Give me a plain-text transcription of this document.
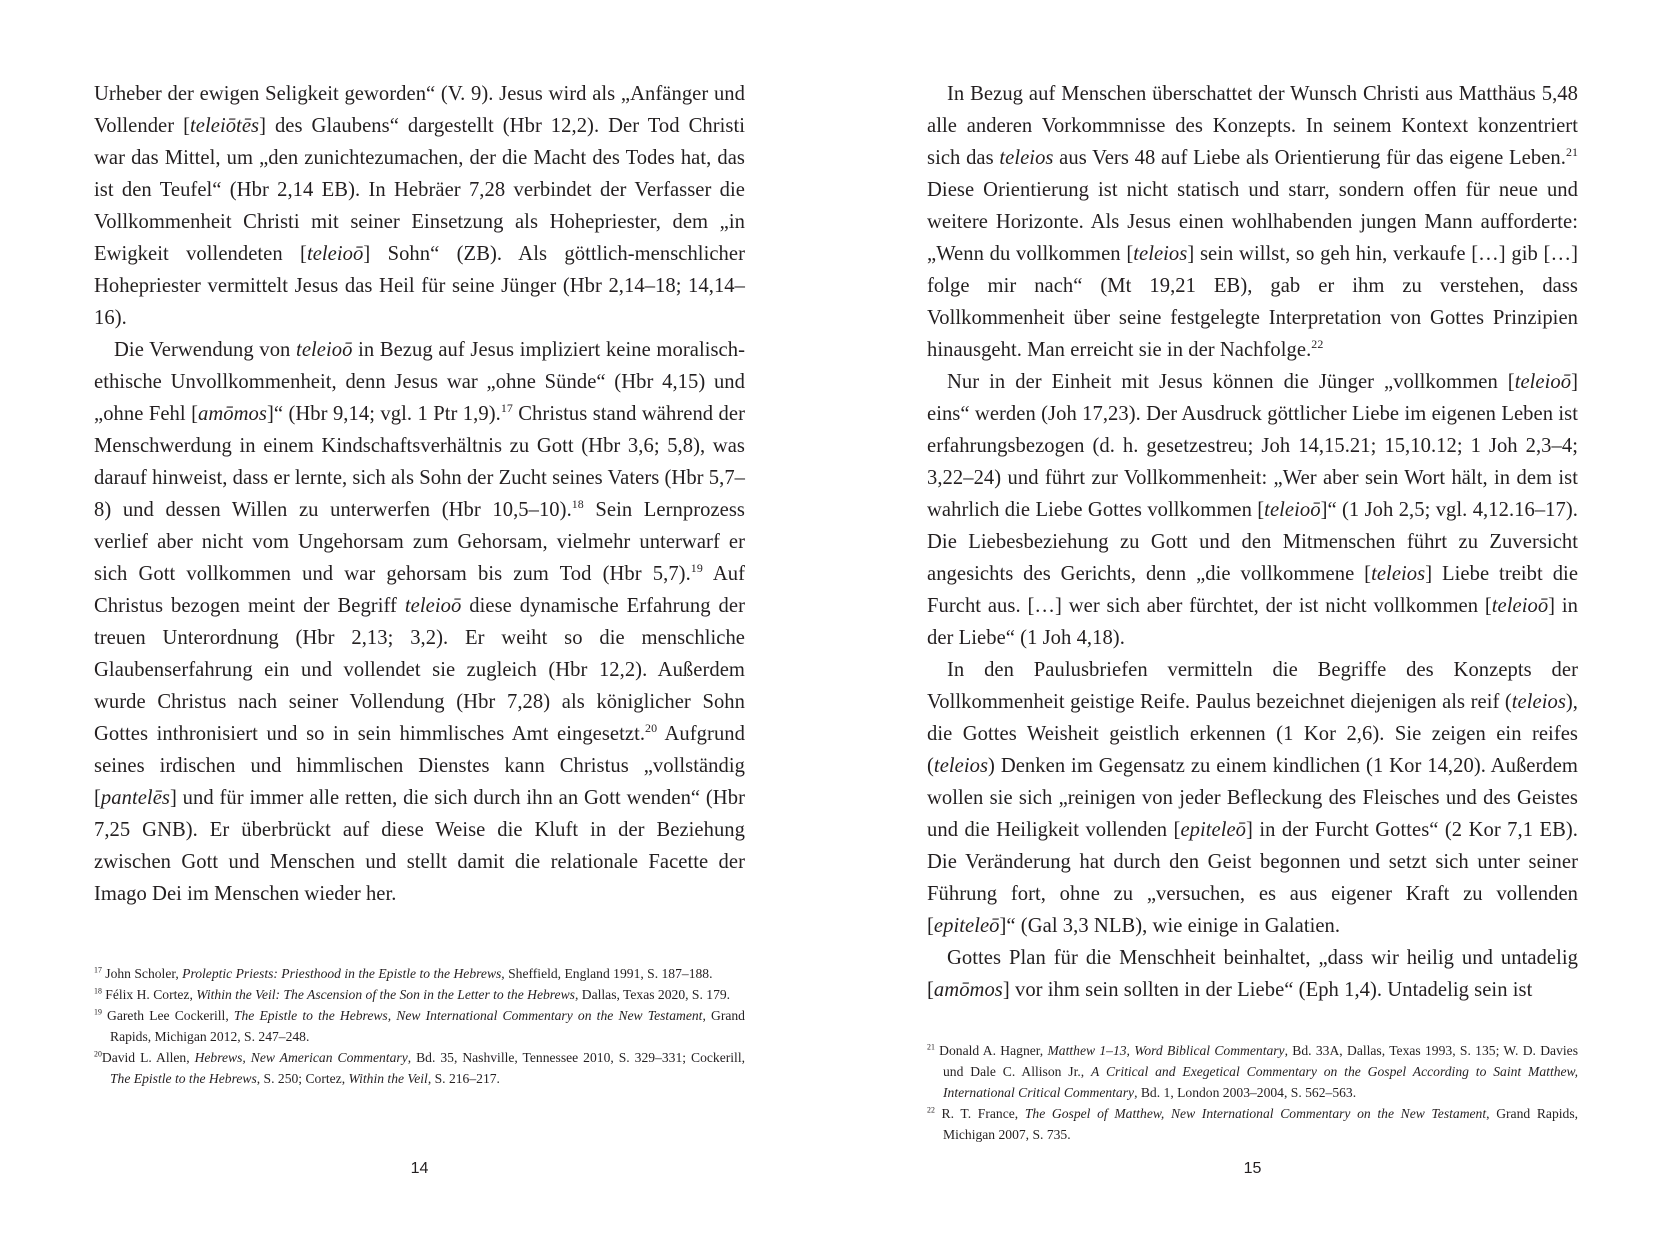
Urheber der ewigen Seligkeit geworden“ (V. 9). Jesus wird als „Anfänger und Vollender [teleiōtēs] des Glaubens“ dargestellt (Hbr 12,2). Der Tod Christi war das Mittel, um „den zunichtezumachen, der die Macht des Todes hat, das ist den Teufel“ (Hbr 2,14 EB). In Hebräer 7,28 verbindet der Verfasser die Vollkommenheit Christi mit seiner Einsetzung als Hohepriester, dem „in Ewigkeit vollendeten [teleioō] Sohn“ (ZB). Als göttlich-menschlicher Hohepriester vermittelt Jesus das Heil für seine Jünger (Hbr 2,14–18; 14,14–16).

Die Verwendung von teleioō in Bezug auf Jesus impliziert keine moralisch-ethische Unvollkommenheit, denn Jesus war „ohne Sünde“ (Hbr 4,15) und „ohne Fehl [amōmos]“ (Hbr 9,14; vgl. 1 Ptr 1,9).$^{17}$ Christus stand während der Menschwerdung in einem Kindschaftsverhältnis zu Gott (Hbr 3,6; 5,8), was darauf hinweist, dass er lernte, sich als Sohn der Zucht seines Vaters (Hbr 5,7–8) und dessen Willen zu unterwerfen (Hbr 10,5–10).$^{18}$ Sein Lernprozess verlief aber nicht vom Ungehorsam zum Gehorsam, vielmehr unterwarf er sich Gott vollkommen und war gehorsam bis zum Tod (Hbr 5,7).$^{19}$ Auf Christus bezogen meint der Begriff teleioō diese dynamische Erfahrung der treuen Unterordnung (Hbr 2,13; 3,2). Er weiht so die menschliche Glaubenserfahrung ein und vollendet sie zugleich (Hbr 12,2). Außerdem wurde Christus nach seiner Vollendung (Hbr 7,28) als königlicher Sohn Gottes inthronisiert und so in sein himmlisches Amt eingesetzt.$^{20}$ Aufgrund seines irdischen und himmlischen Dienstes kann Christus „vollständig [pantelēs] und für immer alle retten, die sich durch ihn an Gott wenden“ (Hbr 7,25 GNB). Er überbrückt auf diese Weise die Kluft in der Beziehung zwischen Gott und Menschen und stellt damit die relationale Facette der Imago Dei im Menschen wieder her.

$^{17}$ John Scholer, Proleptic Priests: Priesthood in the Epistle to the Hebrews, Sheffield, England 1991, S. 187–188.

$^{18}$ Félix H. Cortez, Within the Veil: The Ascension of the Son in the Letter to the Hebrews, Dallas, Texas 2020, S. 179.

$^{19}$ Gareth Lee Cockerill, The Epistle to the Hebrews, New International Commentary on the New Testament, Grand Rapids, Michigan 2012, S. 247–248.

$^{20}$David L. Allen, Hebrews, New American Commentary, Bd. 35, Nashville, Tennessee 2010, S. 329–331; Cockerill, The Epistle to the Hebrews, S. 250; Cortez, Within the Veil, S. 216–217.

14

In Bezug auf Menschen überschattet der Wunsch Christi aus Matthäus 5,48 alle anderen Vorkommnisse des Konzepts. In seinem Kontext konzentriert sich das teleios aus Vers 48 auf Liebe als Orientierung für das eigene Leben.$^{21}$ Diese Orientierung ist nicht statisch und starr, sondern offen für neue und weitere Horizonte. Als Jesus einen wohlhabenden jungen Mann aufforderte: „Wenn du vollkommen [teleios] sein willst, so geh hin, verkaufe […] gib […] folge mir nach“ (Mt 19,21 EB), gab er ihm zu verstehen, dass Vollkommenheit über seine festgelegte Interpretation von Gottes Prinzipien hinausgeht. Man erreicht sie in der Nachfolge.$^{22}$

Nur in der Einheit mit Jesus können die Jünger „vollkommen [teleioō] eins“ werden (Joh 17,23). Der Ausdruck göttlicher Liebe im eigenen Leben ist erfahrungsbezogen (d. h. gesetzestreu; Joh 14,15.21; 15,10.12; 1 Joh 2,3–4; 3,22–24) und führt zur Vollkommenheit: „Wer aber sein Wort hält, in dem ist wahrlich die Liebe Gottes vollkommen [teleioō]“ (1 Joh 2,5; vgl. 4,12.16–17). Die Liebesbeziehung zu Gott und den Mitmenschen führt zu Zuversicht angesichts des Gerichts, denn „die vollkommene [teleios] Liebe treibt die Furcht aus. […] wer sich aber fürchtet, der ist nicht vollkommen [teleioō] in der Liebe“ (1 Joh 4,18).

In den Paulusbriefen vermitteln die Begriffe des Konzepts der Vollkommenheit geistige Reife. Paulus bezeichnet diejenigen als reif (teleios), die Gottes Weisheit geistlich erkennen (1 Kor 2,6). Sie zeigen ein reifes (teleios) Denken im Gegensatz zu einem kindlichen (1 Kor 14,20). Außerdem wollen sie sich „reinigen von jeder Befleckung des Fleisches und des Geistes und die Heiligkeit vollenden [epiteleō] in der Furcht Gottes“ (2 Kor 7,1 EB). Die Veränderung hat durch den Geist begonnen und setzt sich unter seiner Führung fort, ohne zu „versuchen, es aus eigener Kraft zu vollenden [epiteleō]“ (Gal 3,3 NLB), wie einige in Galatien.

Gottes Plan für die Menschheit beinhaltet, „dass wir heilig und untadelig [amōmos] vor ihm sein sollten in der Liebe“ (Eph 1,4). Untadelig sein ist

$^{21}$ Donald A. Hagner, Matthew 1–13, Word Biblical Commentary, Bd. 33A, Dallas, Texas 1993, S. 135; W. D. Davies und Dale C. Allison Jr., A Critical and Exegetical Commentary on the Gospel According to Saint Matthew, International Critical Commentary, Bd. 1, London 2003–2004, S. 562–563.

$^{22}$ R. T. France, The Gospel of Matthew, New International Commentary on the New Testament, Grand Rapids, Michigan 2007, S. 735.

15
